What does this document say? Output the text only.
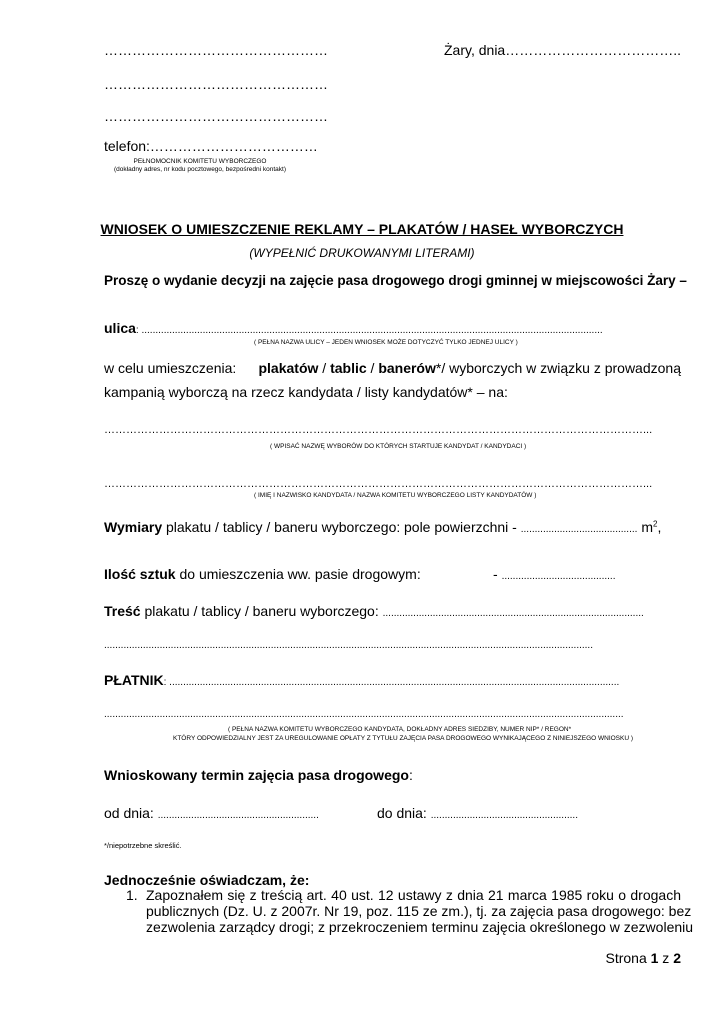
…………………………………………	Żary, dnia………………………………..
…………………………………………
…………………………………………
telefon:………………………………
PEŁNOMOCNIK KOMITETU WYBORCZEGO
(dokładny adres, nr kodu pocztowego, bezpośredni kontakt)
WNIOSEK O UMIESZCZENIE REKLAMY – PLAKATÓW / HASEŁ WYBORCZYCH
(WYPEŁNIĆ DRUKOWANYMI LITERAMI)
Proszę o wydanie decyzji na zajęcie pasa drogowego drogi gminnej w miejscowości Żary –
ulica: ......................................................................................................................................................................
( PEŁNA NAZWA ULICY – JEDEN WNIOSEK MOŻE DOTYCZYĆ TYLKO JEDNEJ ULICY )
w celu umieszczenia: plakatów / tablic / banerów*/ wyborczych w związku z prowadzoną
kampanią wyborczą na rzecz kandydata / listy kandydatów* – na:
…………………………………………………………………………………………………………………………………...
( WPISAĆ NAZWĘ WYBORÓW DO KTÓRYCH STARTUJE KANDYDAT / KANDYDACI )
…………………………………………………………………………………………………………………………………...
( IMIĘ I NAZWISKO KANDYDATA / NAZWA KOMITETU WYBORCZEGO LISTY KANDYDATÓW )
Wymiary plakatu / tablicy / baneru wyborczego: pole powierzchni - .......................................... $m^2$,
Ilość sztuk do umieszczenia ww. pasie drogowym:	- .........................................
Treść plakatu / tablicy / baneru wyborczego: ..............................................................................................
................................................................................................................................................................................
PŁATNIK: ..................................................................................................................................................................
...........................................................................................................................................................................................
( PEŁNA NAZWA KOMITETU WYBORCZEGO KANDYDATA, DOKŁADNY ADRES SIEDZIBY, NUMER NIP* / REGON*
KTÓRY ODPOWIEDZIALNY JEST ZA UREGULOWANIE OPŁATY Z TYTUŁU ZAJĘCIA PASA DROGOWEGO WYNIKAJĄCEGO Z NINIEJSZEGO WNIOSKU )
Wnioskowany termin zajęcia pasa drogowego:
od dnia: ..........................................................	do dnia: .....................................................
*/niepotrzebne skreślić.
Jednocześnie oświadczam, że:
1. Zapoznałem się z treścią art. 40 ust. 12 ustawy z dnia 21 marca 1985 roku o drogach
publicznych (Dz. U. z 2007r. Nr 19, poz. 115 ze zm.), tj. za zajęcia pasa drogowego: bez
zezwolenia zarządcy drogi; z przekroczeniem terminu zajęcia określonego w zezwoleniu
Strona 1 z 2
